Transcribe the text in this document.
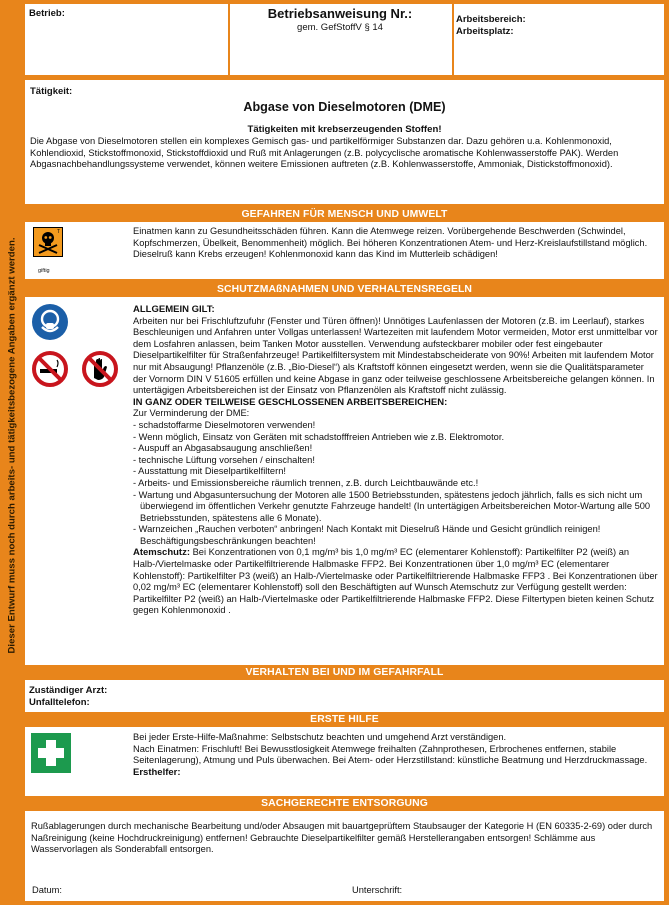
Dieser Entwurf muss noch durch arbeits- und tätigkeitsbezogene Angaben ergänzt werden.
Betrieb:	Betriebsanweisung Nr.:
gem. GefStoffV § 14
Arbeitsbereich:
Arbeitsplatz:
Tätigkeit:
Abgase von Dieselmotoren (DME)
Tätigkeiten mit krebserzeugenden Stoffen!

Die Abgase von Dieselmotoren stellen ein komplexes Gemisch gas- und partikelförmiger Substanzen dar. Dazu gehören u.a. Kohlenmonoxid, Kohlendioxid, Stickstoffmonoxid, Stickstoffdioxid und Ruß mit Anlagerungen (z.B. polycyclische aromatische Kohlenwasserstoffe PAK). Werden Abgasnachbehandlungssysteme verwendet, können weitere Emissionen auftreten (z.B. Kohlenwasserstoffe, Ammoniak, Distickstoffmonoxid).

GEFAHREN FÜR MENSCH UND UMWELT
T
giftig

Einatmen kann zu Gesundheitsschäden führen. Kann die Atemwege reizen. Vorübergehende Beschwerden (Schwindel, Kopfschmerzen, Übelkeit, Benommenheit) möglich. Bei höheren Konzentrationen Atem- und Herz-Kreislaufstillstand möglich. Dieselruß kann Krebs erzeugen! Kohlenmonoxid kann das Kind im Mutterleib schädigen!

SCHUTZMAßNAHMEN UND VERHALTENSREGELN
ALLGEMEIN GILT:

Arbeiten nur bei Frischluftzufuhr (Fenster und Türen öffnen)! Unnötiges Laufenlassen der Motoren (z.B. im Leerlauf), starkes Beschleunigen und Anfahren unter Vollgas unterlassen! Wartezeiten mit laufendem Motor vermeiden, Motor erst unmittelbar vor dem Losfahren anlassen, beim Tanken Motor ausstellen. Verwendung aufsteckbarer mobiler oder fest eingebauter Dieselpartikelfilter für Straßenfahrzeuge! Partikelfiltersystem mit Mindestabscheiderate von 90%! Arbeiten mit laufendem Motor nur mit Absaugung! Pflanzenöle (z.B. „Bio-Diesel“) als Kraftstoff können eingesetzt werden, wenn sie die Qualitätsparameter der Vornorm DIN V 51605 erfüllen und keine Abgase in ganz oder teilweise geschlossene Arbeitsbereiche gelangen können. In untertägigen Arbeitsbereichen ist der Einsatz von Pflanzenölen als Kraftstoff nicht zulässig.

IN GANZ ODER TEILWEISE GESCHLOSSENEN ARBEITSBEREICHEN:

Zur Verminderung der DME:

- schadstoffarme Dieselmotoren verwenden!
- Wenn möglich, Einsatz von Geräten mit schadstofffreien Antrieben wie z.B. Elektromotor.
- Auspuff an Abgasabsaugung anschließen!
- technische Lüftung vorsehen / einschalten!
- Ausstattung mit Dieselpartikelfiltern!
- Arbeits- und Emissionsbereiche räumlich trennen, z.B. durch Leichtbauwände etc.!
- Wartung und Abgasuntersuchung der Motoren alle 1500 Betriebsstunden, spätestens jedoch jährlich, falls es sich nicht um überwiegend im öffentlichen Verkehr genutzte Fahrzeuge handelt! (In untertägigen Arbeitsbereichen Motor-Wartung alle 500 Betriebsstunden, spätestens alle 6 Monate).
- Warnzeichen „Rauchen verboten“ anbringen! Nach Kontakt mit Dieselruß Hände und Gesicht gründlich reinigen! Beschäftigungsbeschränkungen beachten!

Atemschutz: Bei Konzentrationen von 0,1 mg/m³ bis 1,0 mg/m³ EC (elementarer Kohlenstoff): Partikelfilter P2 (weiß) an Halb-/Viertelmaske oder Partikelfiltrierende Halbmaske FFP2. Bei Konzentrationen über 1,0 mg/m³ EC (elementarer Kohlenstoff): Partikelfilter P3 (weiß) an Halb-/Viertelmaske oder Partikelfiltrierende Halbmaske FFP3 . Bei Konzentrationen über 0,02 mg/m³ EC (elementarer Kohlenstoff) soll den Beschäftigten auf Wunsch Atemschutz zur Verfügung gestellt werden: Partikelfilter P2 (weiß) an Halb-/Viertelmaske oder Partikelfiltrierende Halbmaske FFP2. Diese Filtertypen bieten keinen Schutz gegen Kohlenmonoxid .

VERHALTEN BEI UND IM GEFAHRFALL
Zuständiger Arzt:
Unfalltelefon:
ERSTE HILFE

Bei jeder Erste-Hilfe-Maßnahme: Selbstschutz beachten und umgehend Arzt verständigen.

Nach Einatmen: Frischluft! Bei Bewusstlosigkeit Atemwege freihalten (Zahnprothesen, Erbrochenes entfernen, stabile Seitenlagerung), Atmung und Puls überwachen. Bei Atem- oder Herzstillstand: künstliche Beatmung und Herzdruckmassage.

Ersthelfer:
SACHGERECHTE ENTSORGUNG

Rußablagerungen durch mechanische Bearbeitung und/oder Absaugen mit bauartgeprüftem Staubsauger der Kategorie H (EN 60335-2-69) oder durch Naßreinigung (keine Hochdruckreinigung) entfernen! Gebrauchte Dieselpartikelfilter gemäß Herstellerangaben entsorgen! Schlämme aus Wasservorlagen als Sonderabfall entsorgen.

Datum:	Unterschrift:
